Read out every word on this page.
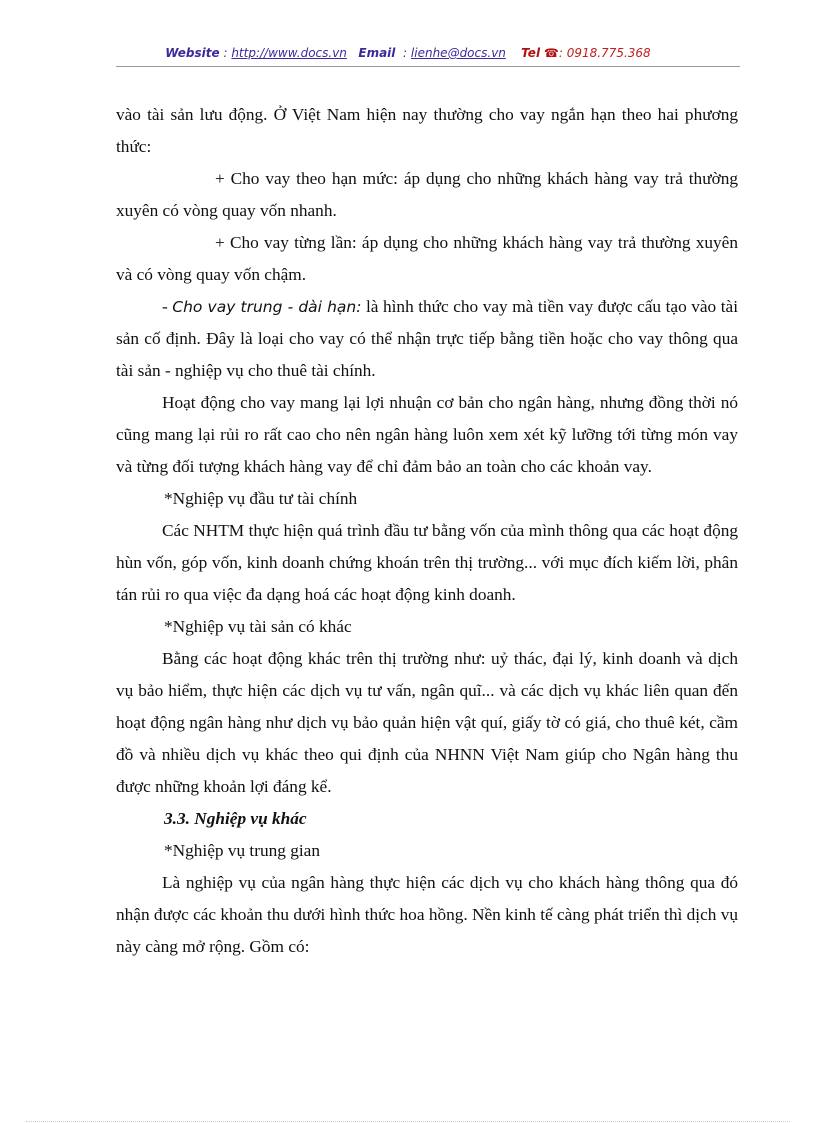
Website : http://www.docs.vn Email : lienhe@docs.vn Tel ☎: 0918.775.368

vào tài sản lưu động. Ở Việt Nam hiện nay thường cho vay ngắn hạn theo hai phương thức:

+ Cho vay theo hạn mức: áp dụng cho những khách hàng vay trả thường xuyên có vòng quay vốn nhanh.

+ Cho vay từng lần: áp dụng cho những khách hàng vay trả thường xuyên và có vòng quay vốn chậm.

- Cho vay trung - dài hạn: là hình thức cho vay mà tiền vay được cấu tạo vào tài sản cố định. Đây là loại cho vay có thể nhận trực tiếp bằng tiền hoặc cho vay thông qua tài sản - nghiệp vụ cho thuê tài chính.

Hoạt động cho vay mang lại lợi nhuận cơ bản cho ngân hàng, nhưng đồng thời nó cũng mang lại rủi ro rất cao cho nên ngân hàng luôn xem xét kỹ lưỡng tới từng món vay và từng đối tượng khách hàng vay để chỉ đảm bảo an toàn cho các khoản vay.

*Nghiệp vụ đầu tư tài chính

Các NHTM thực hiện quá trình đầu tư bằng vốn của mình thông qua các hoạt động hùn vốn, góp vốn, kinh doanh chứng khoán trên thị trường... với mục đích kiếm lời, phân tán rủi ro qua việc đa dạng hoá các hoạt động kinh doanh.

*Nghiệp vụ tài sản có khác

Bằng các hoạt động khác trên thị trường như: uỷ thác, đại lý, kinh doanh và dịch vụ bảo hiểm, thực hiện các dịch vụ tư vấn, ngân quĩ... và các dịch vụ khác liên quan đến hoạt động ngân hàng như dịch vụ bảo quản hiện vật quí, giấy tờ có giá, cho thuê két, cầm đồ và nhiều dịch vụ khác theo qui định của NHNN Việt Nam giúp cho Ngân hàng thu được những khoản lợi đáng kể.

3.3. Nghiệp vụ khác

*Nghiệp vụ trung gian

Là nghiệp vụ của ngân hàng thực hiện các dịch vụ cho khách hàng thông qua đó nhận được các khoản thu dưới hình thức hoa hồng. Nền kinh tế càng phát triển thì dịch vụ này càng mở rộng. Gồm có:
